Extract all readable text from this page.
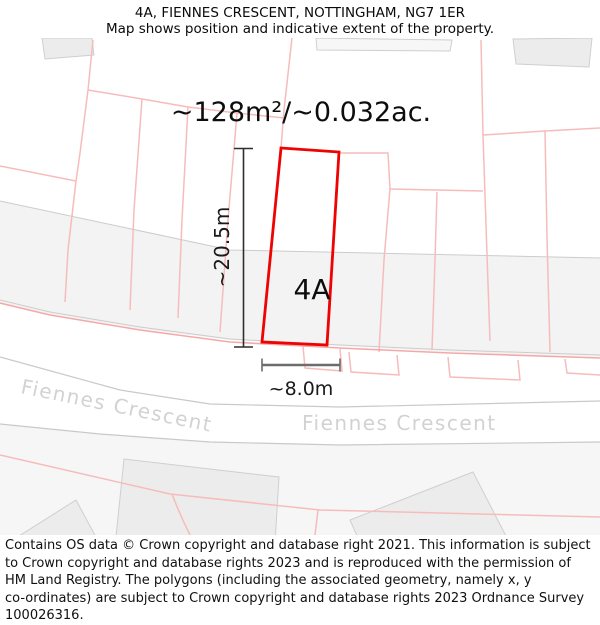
4A, FIENNES CRESCENT, NOTTINGHAM, NG7 1ER
Map shows position and indicative extent of the property.
~128m²/~0.032ac.
4A
~20.5m
~8.0m
Fiennes Crescent	Fiennes Crescent
Contains OS data © Crown copyright and database right 2021. This information is subject
to Crown copyright and database rights 2023 and is reproduced with the permission of
HM Land Registry. The polygons (including the associated geometry, namely x, y
co-ordinates) are subject to Crown copyright and database rights 2023 Ordnance Survey
100026316.
